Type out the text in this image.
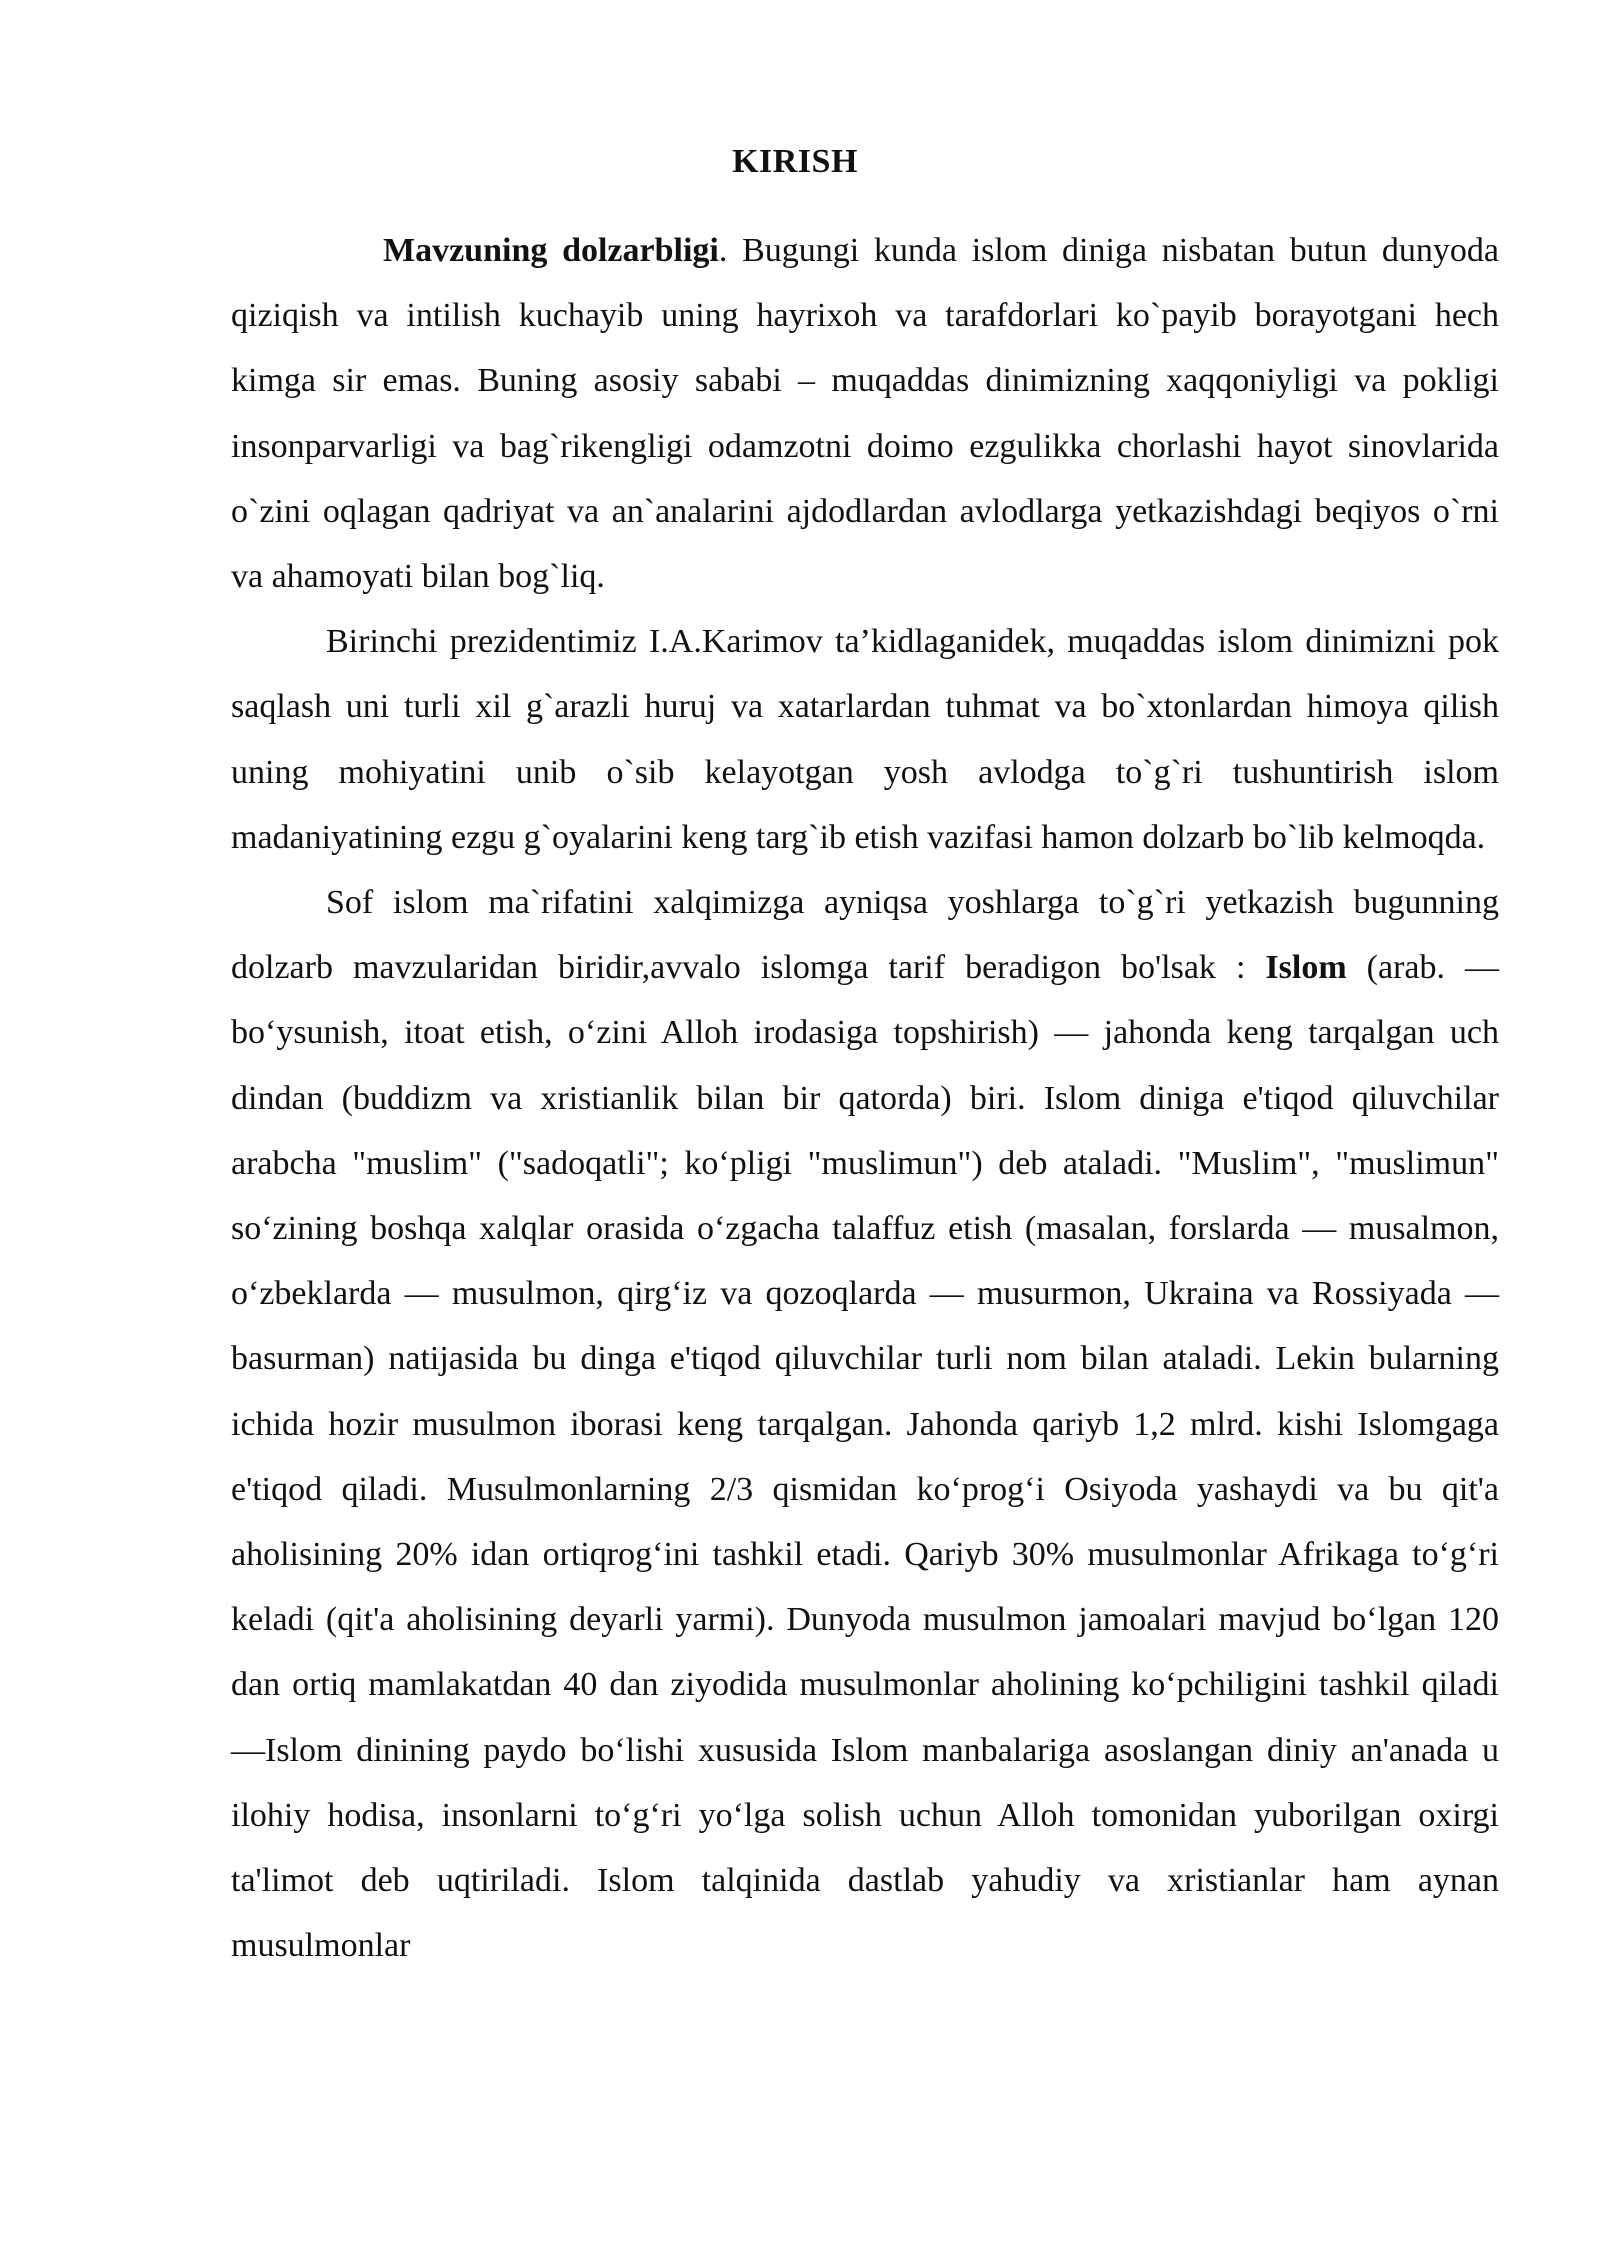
KIRISH

Mavzuning dolzarbligi. Bugungi kunda islom diniga nisbatan butun dunyoda qiziqish va intilish kuchayib uning hayrixoh va tarafdorlari ko`payib borayotgani hech kimga sir emas. Buning asosiy sababi – muqaddas dinimizning xaqqoniyligi va pokligi insonparvarligi va bag`rikengligi odamzotni doimo ezgulikka chorlashi hayot sinovlarida o`zini oqlagan qadriyat va an`analarini ajdodlardan avlodlarga yetkazishdagi beqiyos o`rni va ahamoyati bilan bog`liq.

Birinchi prezidentimiz I.A.Karimov ta’kidlaganidek, muqaddas islom dinimizni pok saqlash uni turli xil g`arazli huruj va xatarlardan tuhmat va bo`xtonlardan himoya qilish uning mohiyatini unib o`sib kelayotgan yosh avlodga to`g`ri tushuntirish islom madaniyatining ezgu g`oyalarini keng targ`ib etish vazifasi hamon dolzarb bo`lib kelmoqda.

Sof islom ma`rifatini xalqimizga ayniqsa yoshlarga to`g`ri yetkazish bugunning dolzarb mavzularidan biridir,avvalo islomga tarif beradigon bo'lsak : Islom (arab. — bo‘ysunish, itoat etish, o‘zini Alloh irodasiga topshirish) — jahonda keng tarqalgan uch dindan (buddizm va xristianlik bilan bir qatorda) biri. Islom diniga e'tiqod qiluvchilar arabcha "muslim" ("sadoqatli"; ko‘pligi "muslimun") deb ataladi. "Muslim", "muslimun" so‘zining boshqa xalqlar orasida o‘zgacha talaffuz etish (masalan, forslarda — musalmon, o‘zbeklarda — musulmon, qirg‘iz va qozoqlarda — musurmon, Ukraina va Rossiyada — basurman) natijasida bu dinga e'tiqod qiluvchilar turli nom bilan ataladi. Lekin bularning ichida hozir musulmon iborasi keng tarqalgan. Jahonda qariyb 1,2 mlrd. kishi Islomgaga e'tiqod qiladi. Musulmonlarning 2/3 qismidan ko‘prog‘i Osiyoda yashaydi va bu qit'a aholisining 20% idan ortiqrog‘ini tashkil etadi. Qariyb 30% musulmonlar Afrikaga to‘g‘ri keladi (qit'a aholisining deyarli yarmi). Dunyoda musulmon jamoalari mavjud bo‘lgan 120 dan ortiq mamlakatdan 40 dan ziyodida musulmonlar aholining ko‘pchiligini tashkil qiladi —Islom dinining paydo bo‘lishi xususida Islom manbalariga asoslangan diniy an'anada u ilohiy hodisa, insonlarni to‘g‘ri yo‘lga solish uchun Alloh tomonidan yuborilgan oxirgi ta'limot deb uqtiriladi. Islom talqinida dastlab yahudiy va xristianlar ham aynan musulmonlar
